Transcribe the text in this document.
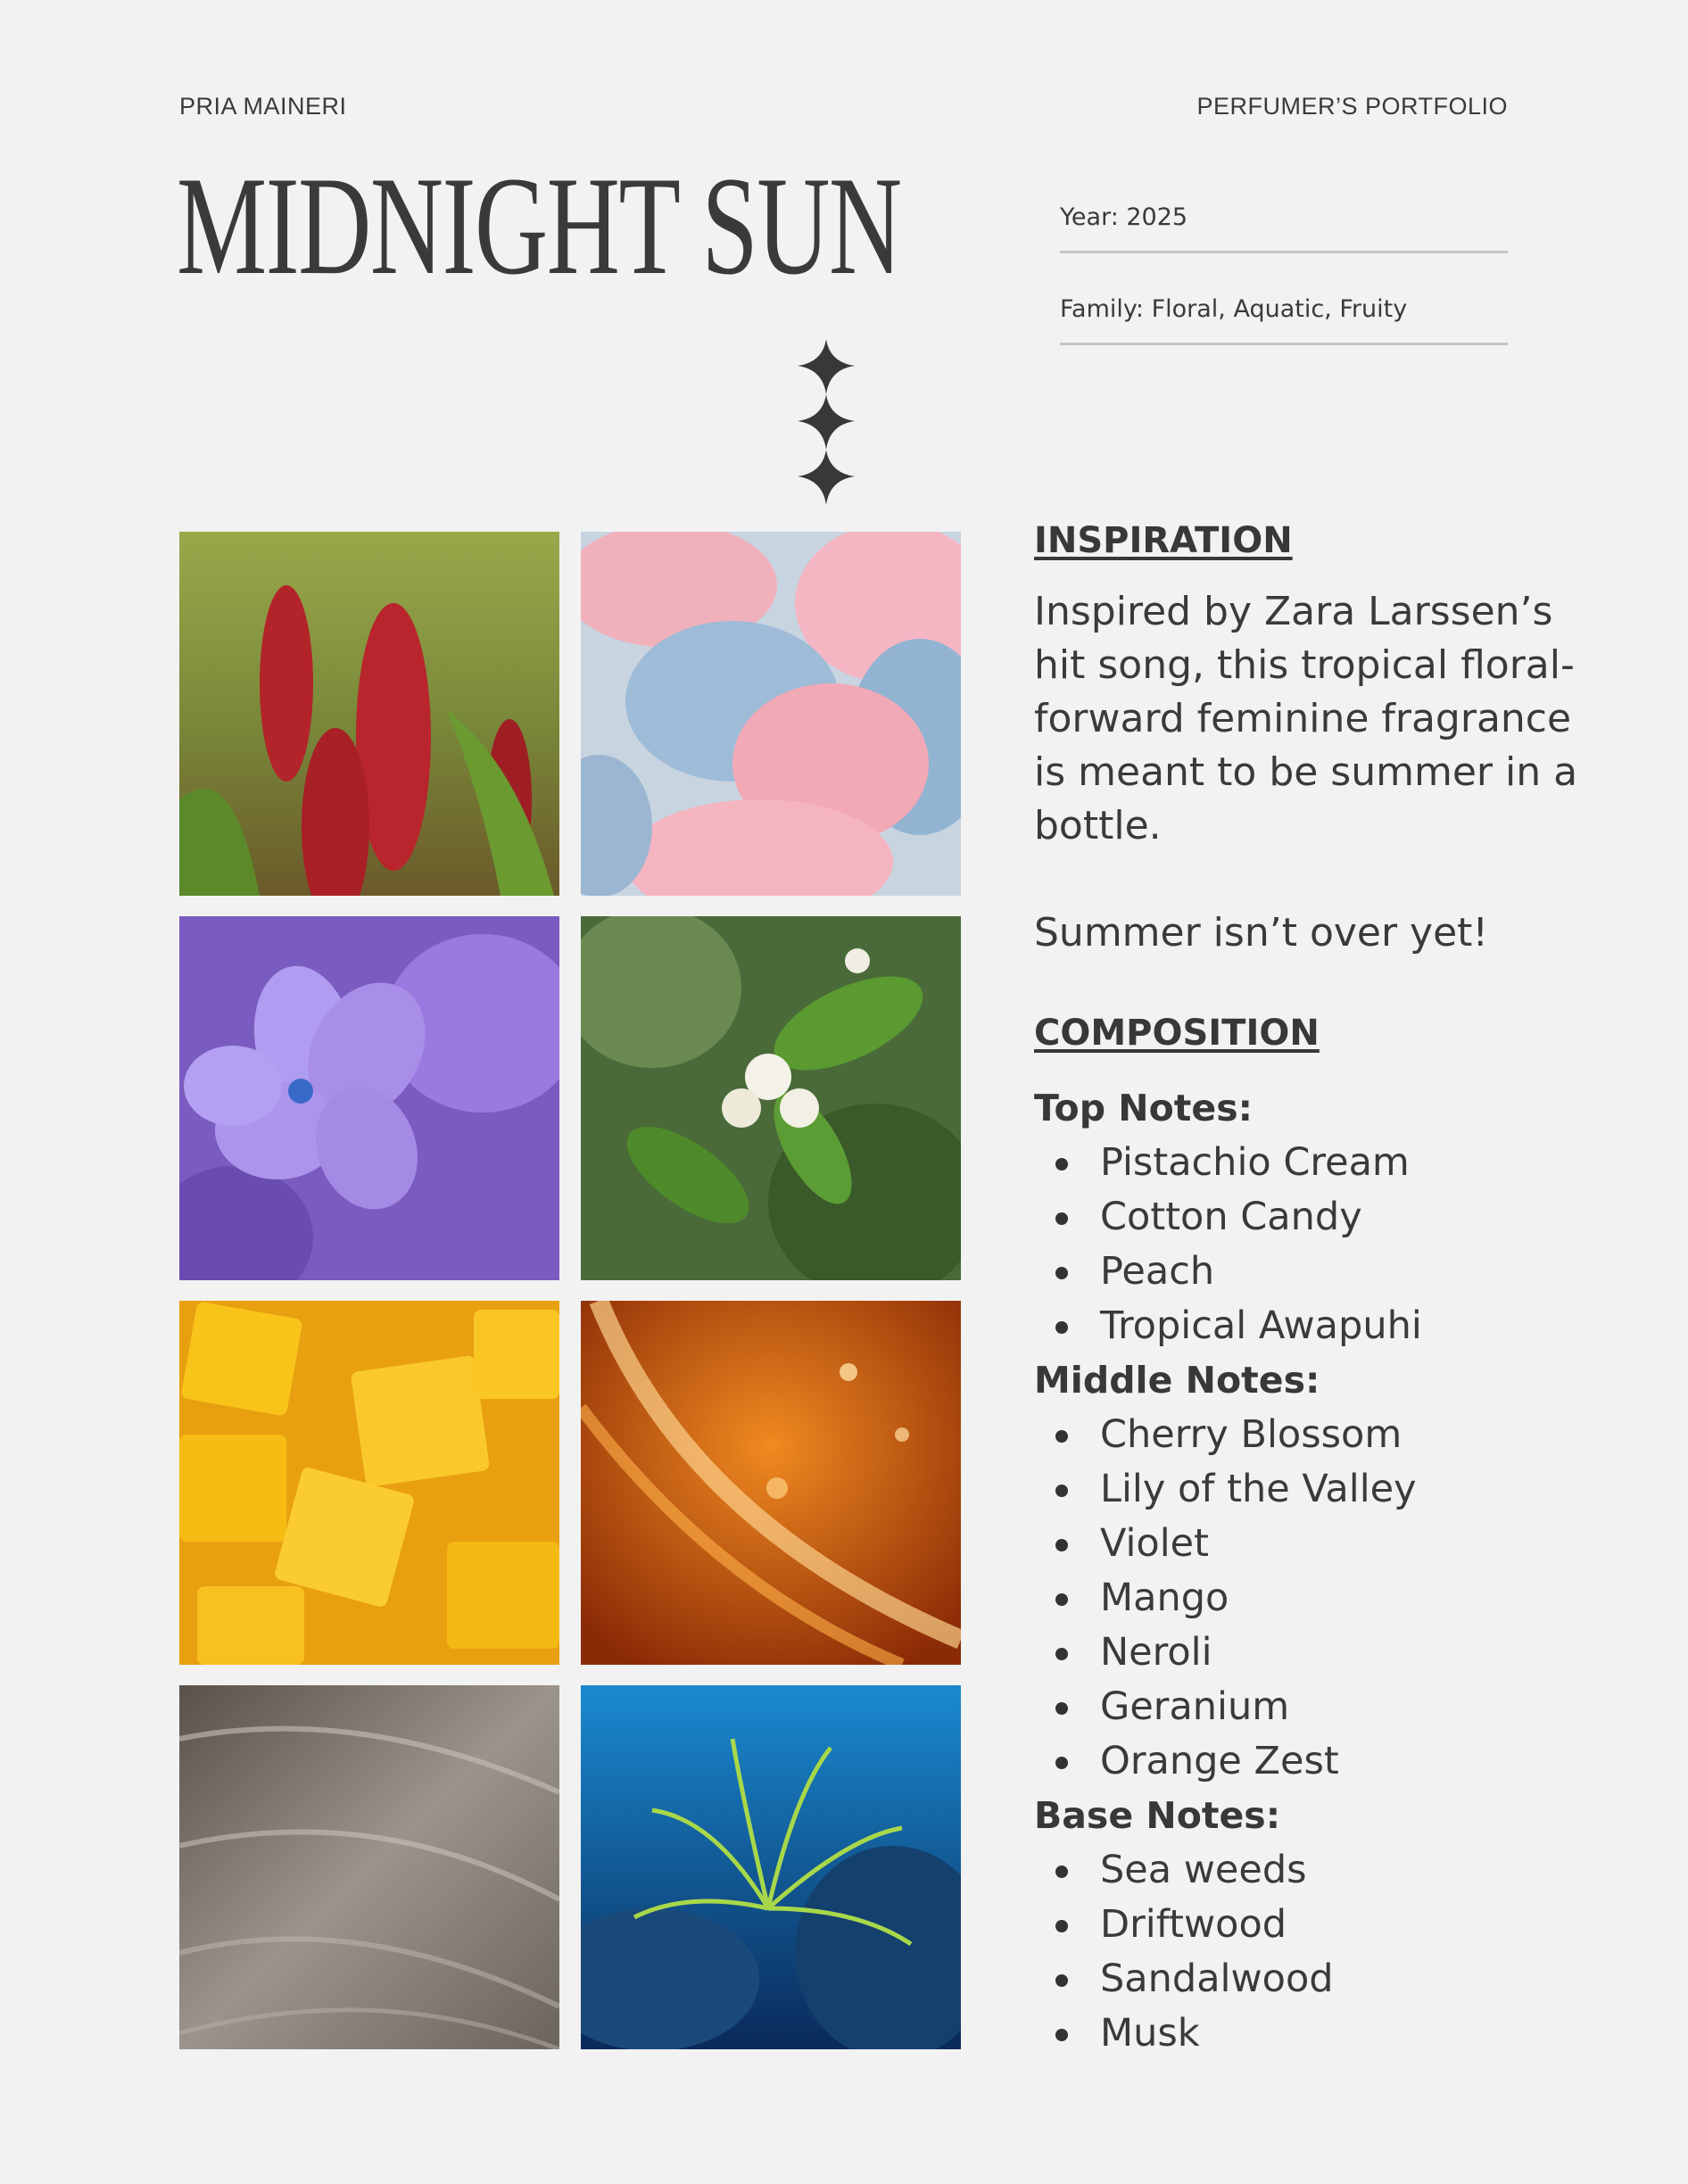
PRIA MAINERI	PERFUMER’S PORTFOLIO
MIDNIGHT SUN	Year: 2025
Family: Floral, Aquatic, Fruity
INSPIRATION
Inspired by Zara Larssen’s hit song, this tropical floral-forward feminine fragrance is meant to be summer in a bottle.
Summer isn’t over yet!
COMPOSITION
Top Notes:
Pistachio Cream
Cotton Candy
Peach
Tropical Awapuhi
Middle Notes:
Cherry Blossom
Lily of the Valley
Violet
Mango
Neroli
Geranium
Orange Zest
Base Notes:
Sea weeds
Driftwood
Sandalwood
Musk
